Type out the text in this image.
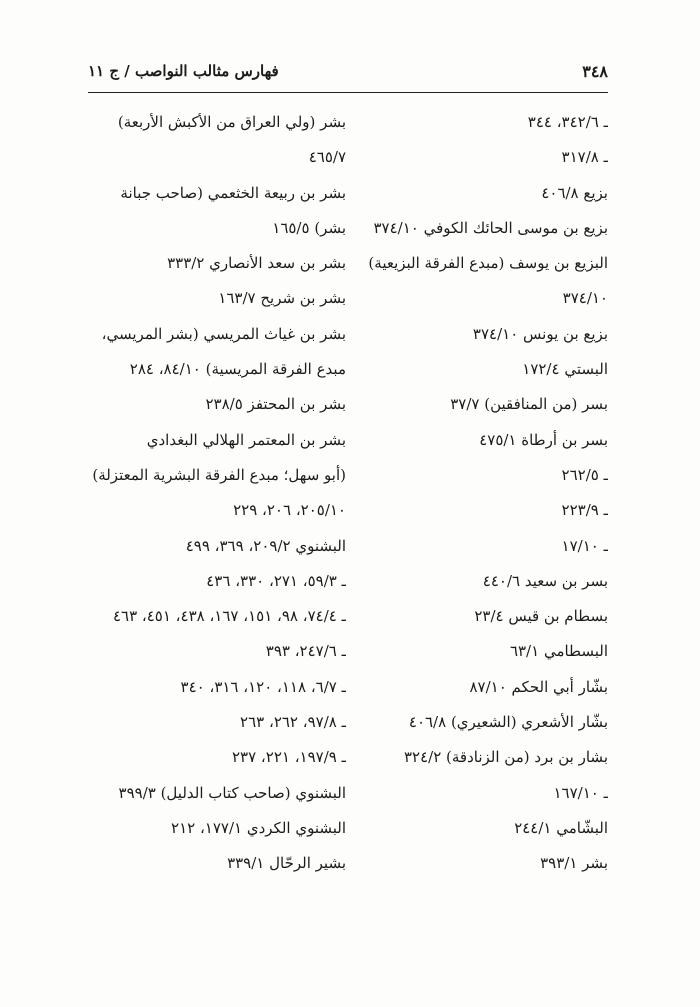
٣٤٨
فهارس مثالب النواصب / ج ١١
ـ ٣٤٢/٦، ٣٤٤
ـ ٣١٧/٨
بزيع ٤٠٦/٨
بزيع بن موسى الحائك الكوفي ٣٧٤/١٠
البزيع بن يوسف (مبدع الفرقة البزيعية)
٣٧٤/١٠
بزيع بن يونس ٣٧٤/١٠
البستي ١٧٢/٤
بسر (من المنافقين) ٣٧/٧
بسر بن أرطاة ٤٧٥/١
ـ ٢٦٢/٥
ـ ٢٢٣/٩
ـ ١٧/١٠
بسر بن سعيد ٤٤٠/٦
بسطام بن قيس ٢٣/٤
البسطامي ٦٣/١
بشّار أبي الحكم ٨٧/١٠
بشّار الأشعري (الشعيري) ٤٠٦/٨
بشار بن برد (من الزنادقة) ٣٢٤/٢
ـ ١٦٧/١٠
البشّامي ٢٤٤/١
بشر ٣٩٣/١
بشر (ولي العراق من الأكبش الأربعة)
٤٦٥/٧
بشر بن ربيعة الخثعمي (صاحب جبانة
بشر) ١٦٥/٥
بشر بن سعد الأنصاري ٣٣٣/٢
بشر بن شريح ١٦٣/٧
بشر بن غياث المريسي (بشر المريسي،
مبدع الفرقة المريسية) ٨٤/١٠، ٢٨٤
بشر بن المحتفز ٢٣٨/٥
بشر بن المعتمر الهلالي البغدادي
(أبو سهل؛ مبدع الفرقة البشرية المعتزلة)
٢٠٥/١٠، ٢٠٦، ٢٢٩
البشنوي ٢٠٩/٢، ٣٦٩، ٤٩٩
ـ ٥٩/٣، ٢٧١، ٣٣٠، ٤٣٦
ـ ٧٤/٤، ٩٨، ١٥١، ١٦٧، ٤٣٨، ٤٥١، ٤٦٣
ـ ٢٤٧/٦، ٣٩٣
ـ ٦/٧، ١١٨، ١٢٠، ٣١٦، ٣٤٠
ـ ٩٧/٨، ٢٦٢، ٢٦٣
ـ ١٩٧/٩، ٢٢١، ٢٣٧
البشنوي (صاحب كتاب الدليل) ٣٩٩/٣
البشنوي الكردي ١٧٧/١، ٢١٢
بشير الرحّال ٣٣٩/١
